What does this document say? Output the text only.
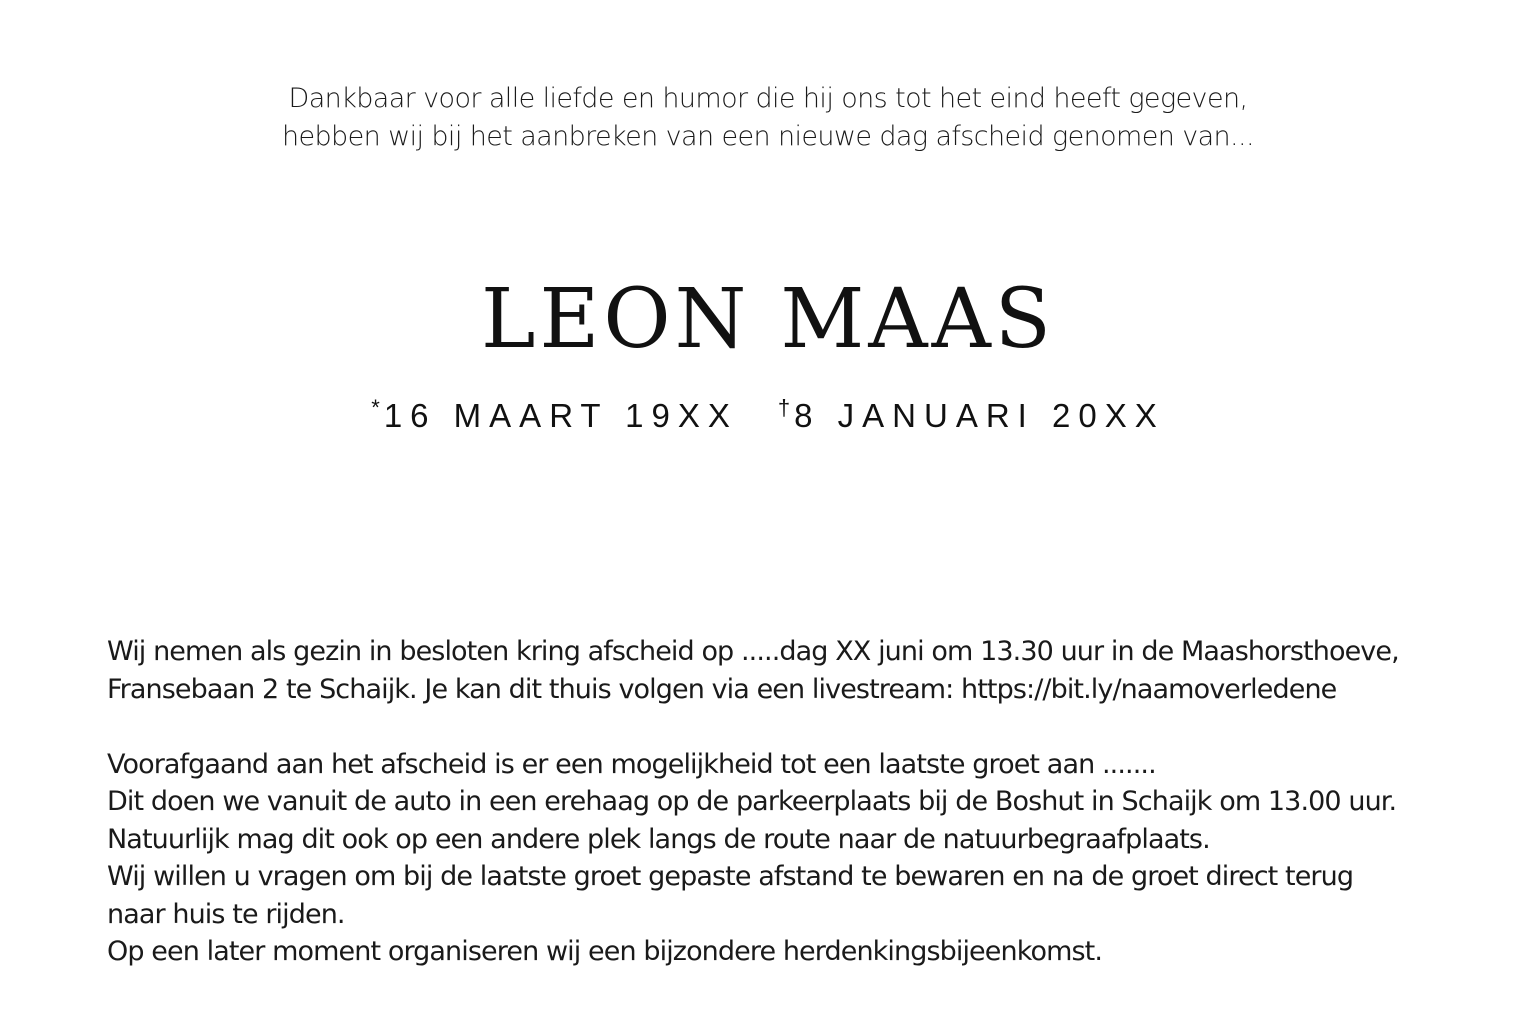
Dankbaar voor alle liefde en humor die hij ons tot het eind heeft gegeven,
hebben wij bij het aanbreken van een nieuwe dag afscheid genomen van...
LEON MAAS
*16 MAART 19XX †8 JANUARI 20XX
Wij nemen als gezin in besloten kring afscheid op .....dag XX juni om 13.30 uur in de Maashorsthoeve,
Fransebaan 2 te Schaijk. Je kan dit thuis volgen via een livestream: https://bit.ly/naamoverledene
Voorafgaand aan het afscheid is er een mogelijkheid tot een laatste groet aan .......
Dit doen we vanuit de auto in een erehaag op de parkeerplaats bij de Boshut in Schaijk om 13.00 uur.
Natuurlijk mag dit ook op een andere plek langs de route naar de natuurbegraafplaats.
Wij willen u vragen om bij de laatste groet gepaste afstand te bewaren en na de groet direct terug
naar huis te rijden.
Op een later moment organiseren wij een bijzondere herdenkingsbijeenkomst.
